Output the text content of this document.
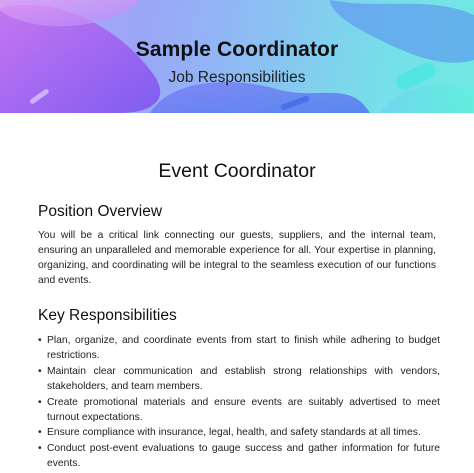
Sample Coordinator
Job Responsibilities
Event Coordinator
Position Overview

You will be a critical link connecting our guests, suppliers, and the internal team, ensuring an unparalleled and memorable experience for all. Your expertise in planning, organizing, and coordinating will be integral to the seamless execution of our functions and events.

Key Responsibilities
• Plan, organize, and coordinate events from start to finish while adhering to budget restrictions.
• Maintain clear communication and establish strong relationships with vendors, stakeholders, and team members.
• Create promotional materials and ensure events are suitably advertised to meet turnout expectations.
• Ensure compliance with insurance, legal, health, and safety standards at all times.
• Conduct post-event evaluations to gauge success and gather information for future events.
